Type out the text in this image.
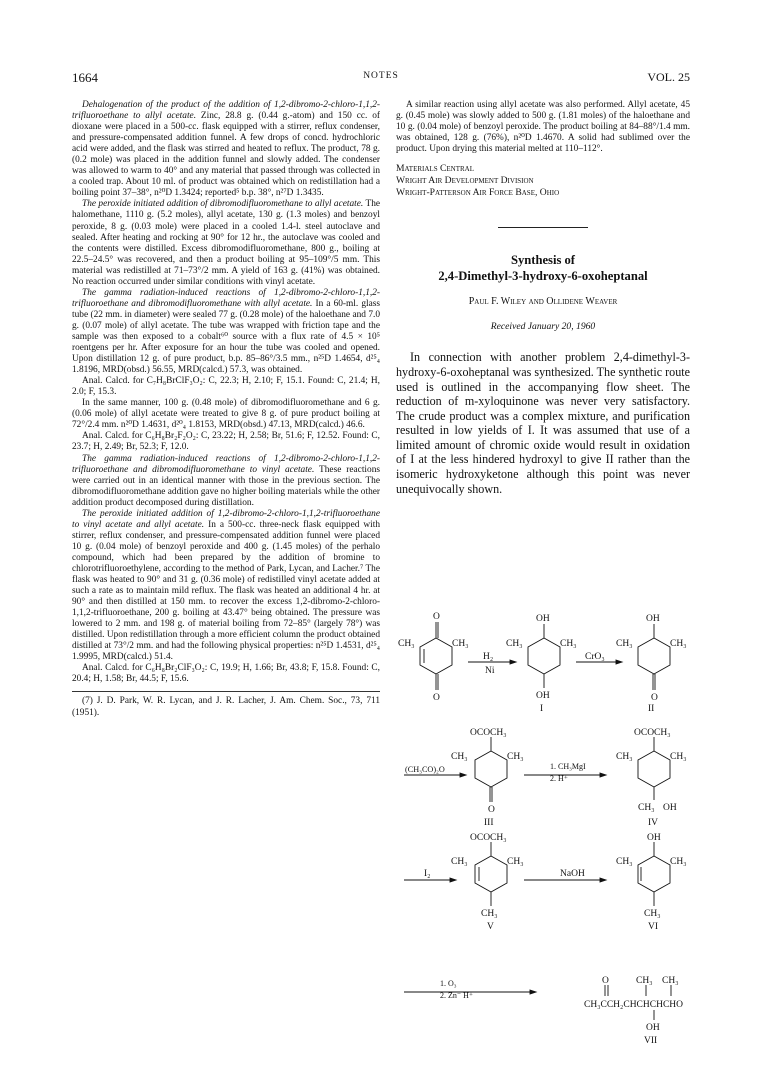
1664	NOTES	VOL. 25

Dehalogenation of the product of the addition of 1,2-dibromo-2-chloro-1,1,2-trifluoroethane to allyl acetate. Zinc, 28.8 g. (0.44 g.-atom) and 150 cc. of dioxane were placed in a 500-cc. flask equipped with a stirrer, reflux condenser, and pressure-compensated addition funnel. A few drops of concd. hydrochloric acid were added, and the flask was stirred and heated to reflux. The product, 78 g. (0.2 mole) was placed in the addition funnel and slowly added. The condenser was allowed to warm to 40° and any material that passed through was collected in a cooled trap. About 10 ml. of product was obtained which on redistillation had a boiling point 37–38°, n²⁰D 1.3424; reported⁵ b.p. 38°, n²⁷D 1.3435.

The peroxide initiated addition of dibromodifluoromethane to allyl acetate. The halomethane, 1110 g. (5.2 moles), allyl acetate, 130 g. (1.3 moles) and benzoyl peroxide, 8 g. (0.03 mole) were placed in a cooled 1.4-l. steel autoclave and sealed. After heating and rocking at 90° for 12 hr., the autoclave was cooled and the contents were distilled. Excess dibromodifluoromethane, 800 g., boiling at 22.5–24.5° was recovered, and then a product boiling at 95–109°/5 mm. This material was redistilled at 71–73°/2 mm. A yield of 163 g. (41%) was obtained. No reaction occurred under similar conditions with vinyl acetate.

The gamma radiation-induced reactions of 1,2-dibromo-2-chloro-1,1,2-trifluoroethane and dibromodifluoromethane with allyl acetate. In a 60-ml. glass tube (22 mm. in diameter) were sealed 77 g. (0.28 mole) of the haloethane and 7.0 g. (0.07 mole) of allyl acetate. The tube was wrapped with friction tape and the sample was then exposed to a cobalt⁶⁰ source with a flux rate of 4.5 × 10⁵ roentgens per hr. After exposure for an hour the tube was cooled and opened. Upon distillation 12 g. of pure product, b.p. 85–86°/3.5 mm., n²⁵D 1.4654, d²⁵₄ 1.8196, MRD(obsd.) 56.55, MRD(calcd.) 57.3, was obtained.

Anal. Calcd. for C₇H₈BrClF₃O₂: C, 22.3; H, 2.10; F, 15.1. Found: C, 21.4; H, 2.0; F, 15.3.

In the same manner, 100 g. (0.48 mole) of dibromodifluoromethane and 6 g. (0.06 mole) of allyl acetate were treated to give 8 g. of pure product boiling at 72°/2.4 mm. n²⁰D 1.4631, d²⁰₄ 1.8153, MRD(obsd.) 47.13, MRD(calcd.) 46.6.

Anal. Calcd. for C₆H₈Br₂F₂O₂: C, 23.22; H, 2.58; Br, 51.6; F, 12.52. Found: C, 23.7; H, 2.49; Br, 52.3; F, 12.0.

The gamma radiation-induced reactions of 1,2-dibromo-2-chloro-1,1,2-trifluoroethane and dibromodifluoromethane to vinyl acetate. These reactions were carried out in an identical manner with those in the previous section. The dibromodifluoromethane addition gave no higher boiling materials while the other addition product decomposed during distillation.

The peroxide initiated addition of 1,2-dibromo-2-chloro-1,1,2-trifluoroethane to vinyl acetate and allyl acetate. In a 500-cc. three-neck flask equipped with stirrer, reflux condenser, and pressure-compensated addition funnel were placed 10 g. (0.04 mole) of benzoyl peroxide and 400 g. (1.45 moles) of the perhalo compound, which had been prepared by the addition of bromine to chlorotrifluoroethylene, according to the method of Park, Lycan, and Lacher.⁷ The flask was heated to 90° and 31 g. (0.36 mole) of redistilled vinyl acetate added at such a rate as to maintain mild reflux. The flask was heated an additional 4 hr. at 90° and then distilled at 150 mm. to recover the excess 1,2-dibromo-2-chloro-1,1,2-trifluoroethane, 200 g. boiling at 43.47° being obtained. The pressure was lowered to 2 mm. and 198 g. of material boiling from 72–85° (largely 78°) was distilled. Upon redistillation through a more efficient column the product obtained distilled at 73°/2 mm. and had the following physical properties: n²⁵D 1.4531, d²⁵₄ 1.9995, MRD(calcd.) 51.4.

Anal. Calcd. for C₆H₈Br₂ClF₃O₂: C, 19.9; H, 1.66; Br, 43.8; F, 15.8. Found: C, 20.4; H, 1.58; Br, 44.5; F, 15.6.

(7) J. D. Park, W. R. Lycan, and J. R. Lacher, J. Am. Chem. Soc., 73, 711 (1951).

A similar reaction using allyl acetate was also performed. Allyl acetate, 45 g. (0.45 mole) was slowly added to 500 g. (1.81 moles) of the haloethane and 10 g. (0.04 mole) of benzoyl peroxide. The product boiling at 84–88°/1.4 mm. was obtained, 128 g. (76%), n²⁰D 1.4670. A solid had sublimed over the product. Upon drying this material melted at 110–112°.

Materials Central
Wright Air Development Division
Wright-Patterson Air Force Base, Ohio
Synthesis of
2,4-Dimethyl-3-hydroxy-6-oxoheptanal
Paul F. Wiley and Ollidene Weaver
Received January 20, 1960

In connection with another problem 2,4-dimethyl-3-hydroxy-6-oxoheptanal was synthesized. The synthetic route used is outlined in the accompanying flow sheet. The reduction of m-xyloquinone was never very satisfactory. The crude product was a complex mixture, and purification resulted in low yields of I. It was assumed that use of a limited amount of chromic oxide would result in oxidation of I at the less hindered hydroxyl to give II rather than the isomeric hydroxyketone although this point was never unequivocally shown.

O
CH₃	CH₃
O
H₂
Ni
OH
CH₃	CH₃
OH
I
CrO₃
OH
CH₃	CH₃
O
II
(CH₃CO)₂O
OCOCH₃
CH₃	CH₃
O
III
1. CH₃MgI
2. H⁺
OCOCH₃
CH₃	CH₃
CH₃ OH
IV
I₂
OCOCH₃
CH₃	CH₃
CH₃
V
NaOH
OH
CH₃	CH₃
CH₃
VI
1. O₃
2. Zn⁻ H⁺
O	CH₃ CH₃
CH₃CCH₂CHCHCHCHO
OH
VII
